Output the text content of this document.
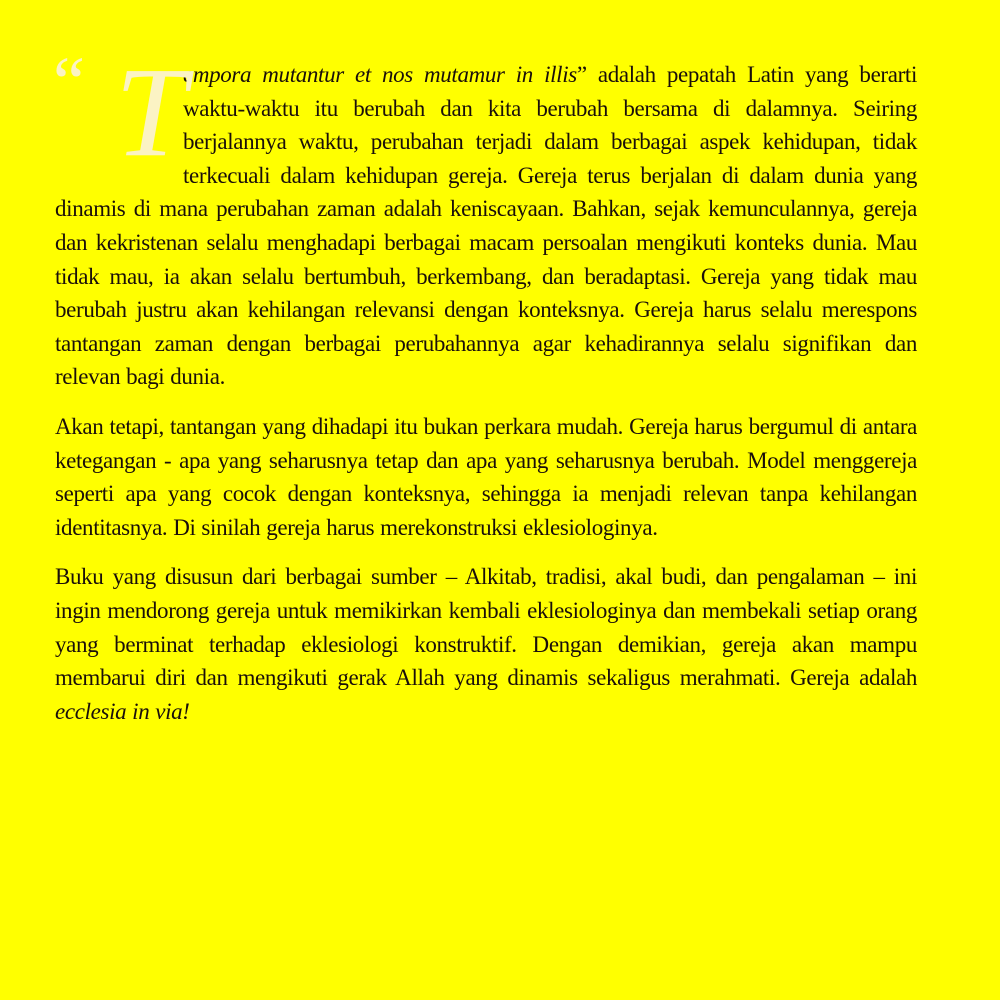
“ T
empora mutantur et nos mutamur in illis” adalah pepatah Latin yang berarti waktu-waktu itu berubah dan kita berubah bersama di dalamnya. Seiring berjalannya waktu, perubahan terjadi dalam berbagai aspek kehidupan, tidak terkecuali dalam kehidupan gereja. Gereja terus berjalan di dalam dunia yang dinamis di mana perubahan zaman adalah keniscayaan. Bahkan, sejak kemunculannya, gereja dan kekristenan selalu menghadapi berbagai macam persoalan mengikuti konteks dunia. Mau tidak mau, ia akan selalu bertumbuh, berkembang, dan beradaptasi. Gereja yang tidak mau berubah justru akan kehilangan relevansi dengan konteksnya. Gereja harus selalu merespons tantangan zaman dengan berbagai perubahannya agar kehadirannya selalu signifikan dan relevan bagi dunia.

Akan tetapi, tantangan yang dihadapi itu bukan perkara mudah. Gereja harus bergumul di antara ketegangan - apa yang seharusnya tetap dan apa yang seharusnya berubah. Model menggereja seperti apa yang cocok dengan konteksnya, sehingga ia menjadi relevan tanpa kehilangan identitasnya. Di sinilah gereja harus merekonstruksi eklesiologinya.

Buku yang disusun dari berbagai sumber – Alkitab, tradisi, akal budi, dan pengalaman – ini ingin mendorong gereja untuk memikirkan kembali eklesiologinya dan membekali setiap orang yang berminat terhadap eklesiologi konstruktif. Dengan demikian, gereja akan mampu membarui diri dan mengikuti gerak Allah yang dinamis sekaligus merahmati. Gereja adalah ecclesia in via!
